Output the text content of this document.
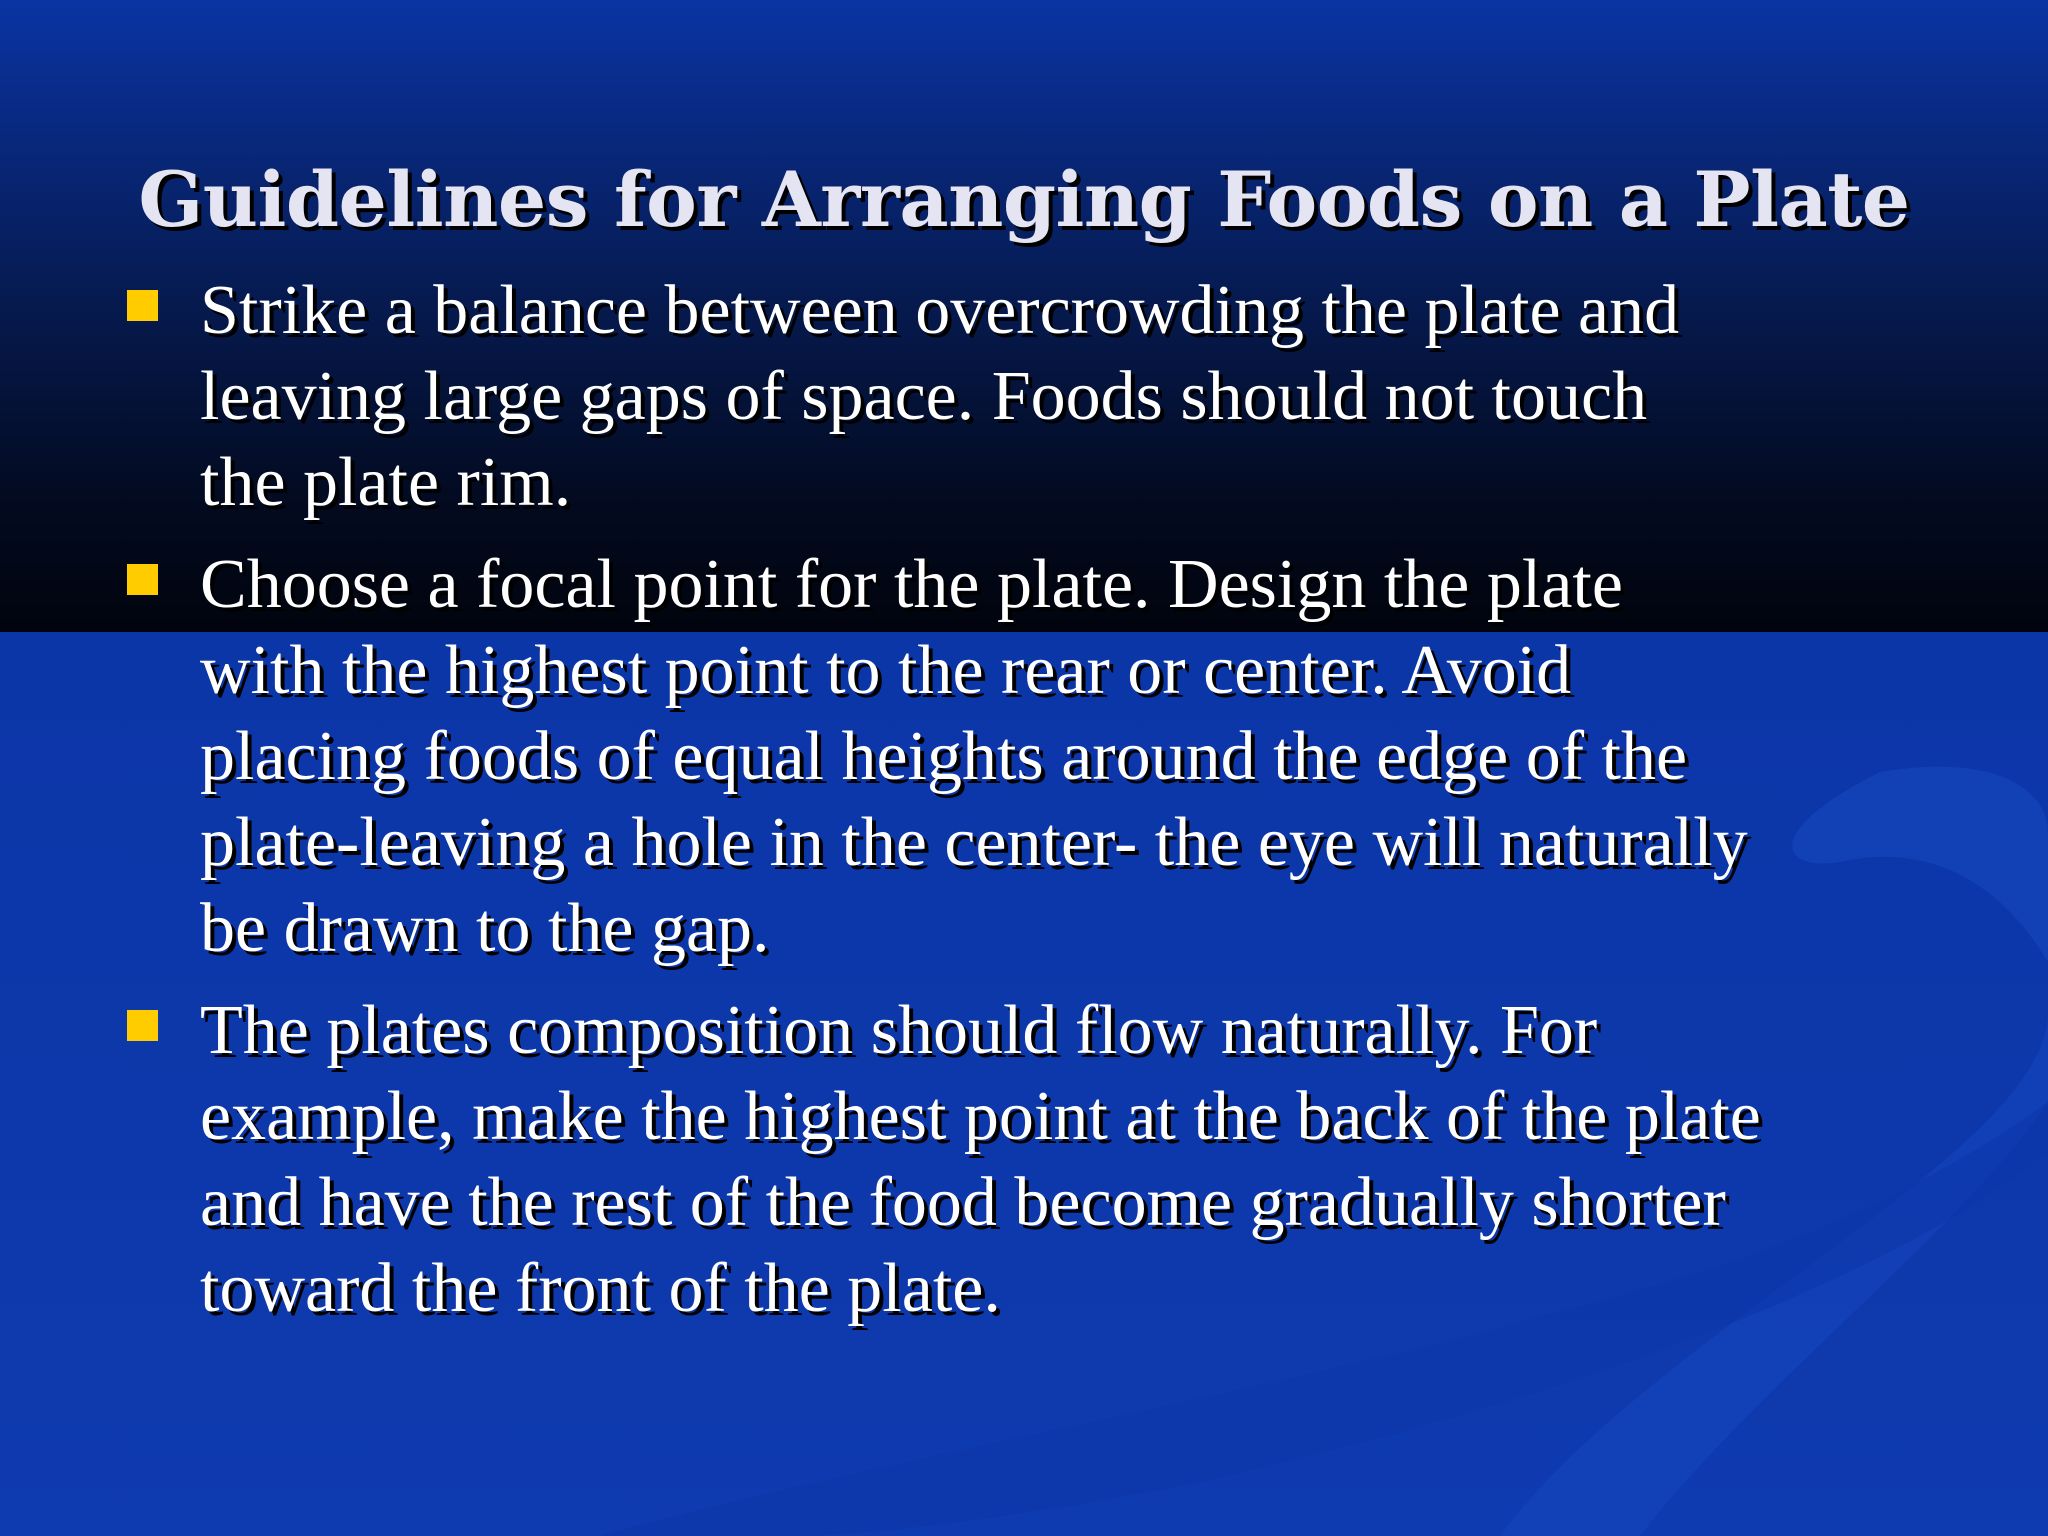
Guidelines for Arranging Foods on a Plate
Strike a balance between overcrowding the plate and
leaving large gaps of space. Foods should not touch
the plate rim.
Choose a focal point for the plate. Design the plate
with the highest point to the rear or center. Avoid
placing foods of equal heights around the edge of the
plate-leaving a hole in the center- the eye will naturally
be drawn to the gap.
The plates composition should flow naturally. For
example, make the highest point at the back of the plate
and have the rest of the food become gradually shorter
toward the front of the plate.
